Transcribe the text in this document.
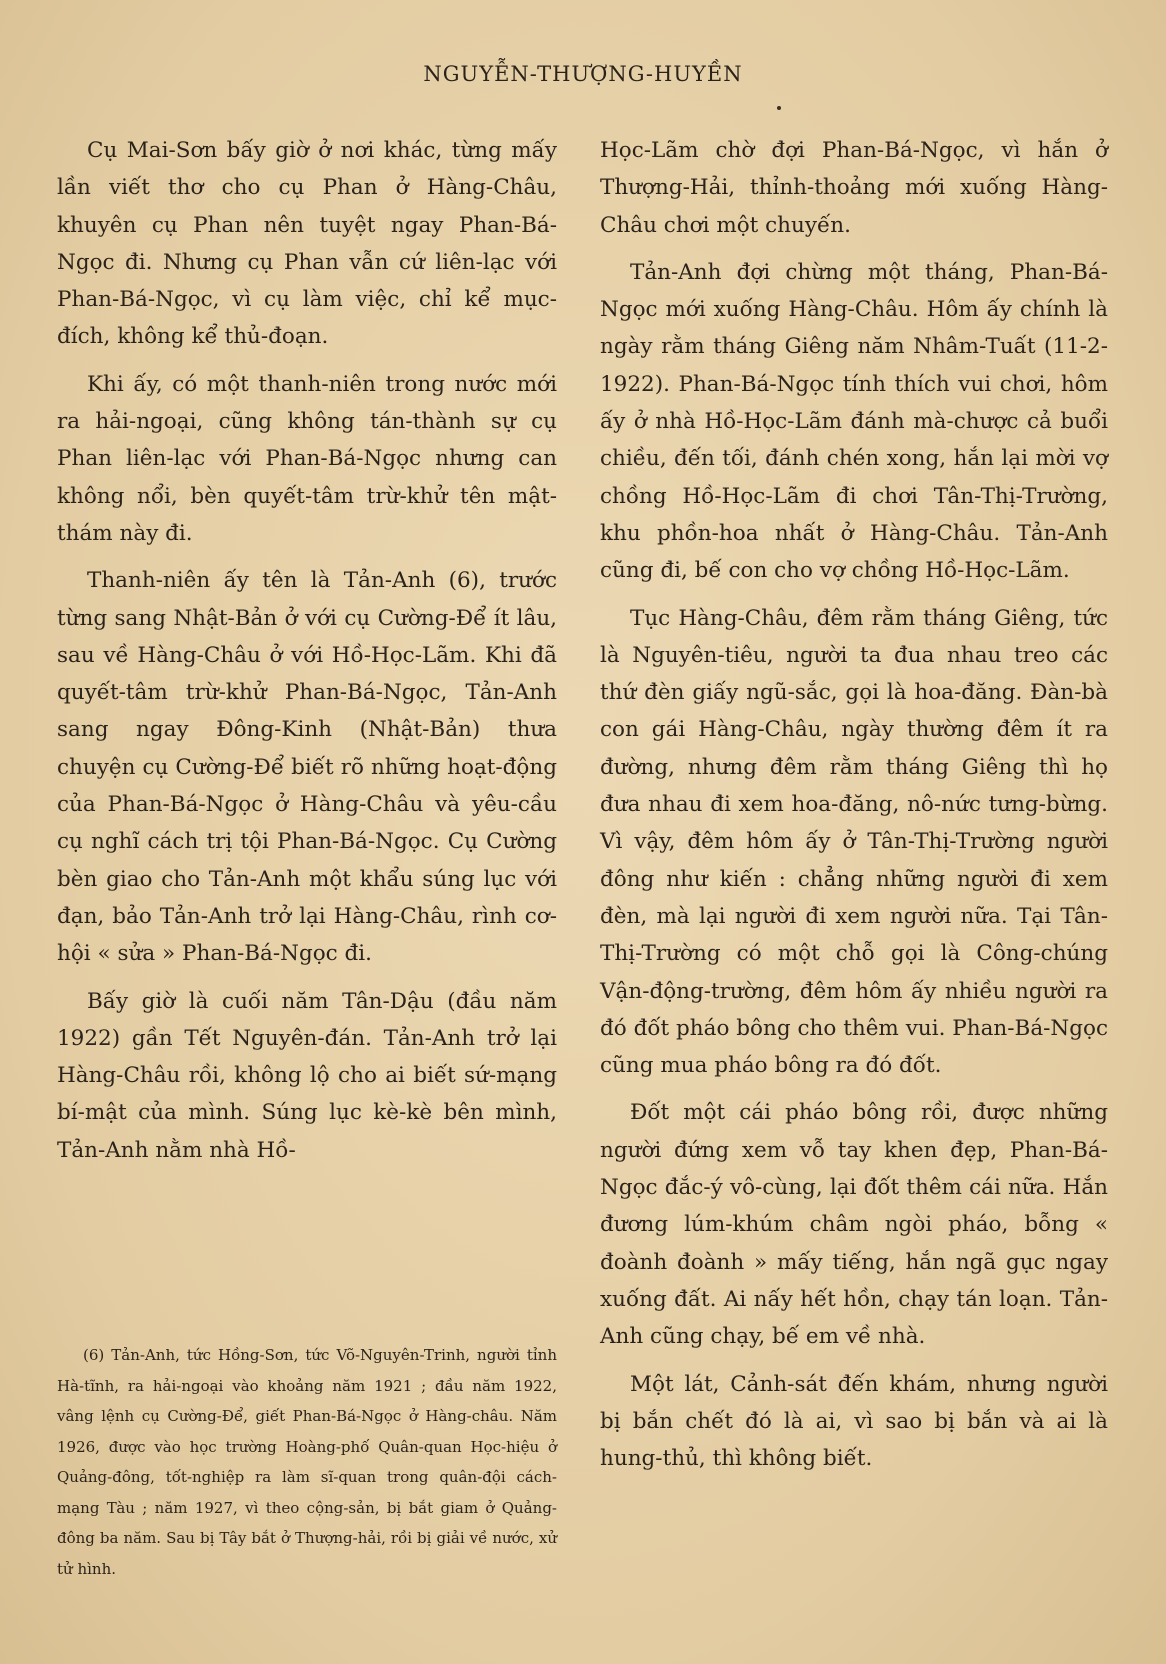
NGUYỄN-THƯỢNG-HUYỀN

Cụ Mai-Sơn bấy giờ ở nơi khác, từng mấy lần viết thơ cho cụ Phan ở Hàng-Châu, khuyên cụ Phan nên tuyệt ngay Phan-Bá-Ngọc đi. Nhưng cụ Phan vẫn cứ liên-lạc với Phan-Bá-Ngọc, vì cụ làm việc, chỉ kể mục-đích, không kể thủ-đoạn.

Khi ấy, có một thanh-niên trong nước mới ra hải-ngoại, cũng không tán-thành sự cụ Phan liên-lạc với Phan-Bá-Ngọc nhưng can không nổi, bèn quyết-tâm trừ-khử tên mật-thám này đi.

Thanh-niên ấy tên là Tản-Anh (6), trước từng sang Nhật-Bản ở với cụ Cường-Để ít lâu, sau về Hàng-Châu ở với Hồ-Học-Lãm. Khi đã quyết-tâm trừ-khử Phan-Bá-Ngọc, Tản-Anh sang ngay Đông-Kinh (Nhật-Bản) thưa chuyện cụ Cường-Để biết rõ những hoạt-động của Phan-Bá-Ngọc ở Hàng-Châu và yêu-cầu cụ nghĩ cách trị tội Phan-Bá-Ngọc. Cụ Cường bèn giao cho Tản-Anh một khẩu súng lục với đạn, bảo Tản-Anh trở lại Hàng-Châu, rình cơ-hội « sửa » Phan-Bá-Ngọc đi.

Bấy giờ là cuối năm Tân-Dậu (đầu năm 1922) gần Tết Nguyên-đán. Tản-Anh trở lại Hàng-Châu rồi, không lộ cho ai biết sứ-mạng bí-mật của mình. Súng lục kè-kè bên mình, Tản-Anh nằm nhà Hồ-

(6) Tản-Anh, tức Hồng-Sơn, tức Võ-Nguyên-Trinh, người tỉnh Hà-tĩnh, ra hải-ngoại vào khoảng năm 1921 ; đầu năm 1922, vâng lệnh cụ Cường-Để, giết Phan-Bá-Ngọc ở Hàng-châu. Năm 1926, được vào học trường Hoàng-phố Quân-quan Học-hiệu ở Quảng-đông, tốt-nghiệp ra làm sĩ-quan trong quân-đội cách-mạng Tàu ; năm 1927, vì theo cộng-sản, bị bắt giam ở Quảng-đông ba năm. Sau bị Tây bắt ở Thượng-hải, rồi bị giải về nước, xử tử hình.

Học-Lãm chờ đợi Phan-Bá-Ngọc, vì hắn ở Thượng-Hải, thỉnh-thoảng mới xuống Hàng-Châu chơi một chuyến.

Tản-Anh đợi chừng một tháng, Phan-Bá-Ngọc mới xuống Hàng-Châu. Hôm ấy chính là ngày rằm tháng Giêng năm Nhâm-Tuất (11-2-1922). Phan-Bá-Ngọc tính thích vui chơi, hôm ấy ở nhà Hồ-Học-Lãm đánh mà-chược cả buổi chiều, đến tối, đánh chén xong, hắn lại mời vợ chồng Hồ-Học-Lãm đi chơi Tân-Thị-Trường, khu phồn-hoa nhất ở Hàng-Châu. Tản-Anh cũng đi, bế con cho vợ chồng Hồ-Học-Lãm.

Tục Hàng-Châu, đêm rằm tháng Giêng, tức là Nguyên-tiêu, người ta đua nhau treo các thứ đèn giấy ngũ-sắc, gọi là hoa-đăng. Đàn-bà con gái Hàng-Châu, ngày thường đêm ít ra đường, nhưng đêm rằm tháng Giêng thì họ đưa nhau đi xem hoa-đăng, nô-nức tưng-bừng. Vì vậy, đêm hôm ấy ở Tân-Thị-Trường người đông như kiến : chẳng những người đi xem đèn, mà lại người đi xem người nữa. Tại Tân-Thị-Trường có một chỗ gọi là Công-chúng Vận-động-trường, đêm hôm ấy nhiều người ra đó đốt pháo bông cho thêm vui. Phan-Bá-Ngọc cũng mua pháo bông ra đó đốt.

Đốt một cái pháo bông rồi, được những người đứng xem vỗ tay khen đẹp, Phan-Bá-Ngọc đắc-ý vô-cùng, lại đốt thêm cái nữa. Hắn đương lúm-khúm châm ngòi pháo, bỗng « đoành đoành » mấy tiếng, hắn ngã gục ngay xuống đất. Ai nấy hết hồn, chạy tán loạn. Tản-Anh cũng chạy, bế em về nhà.

Một lát, Cảnh-sát đến khám, nhưng người bị bắn chết đó là ai, vì sao bị bắn và ai là hung-thủ, thì không biết.
